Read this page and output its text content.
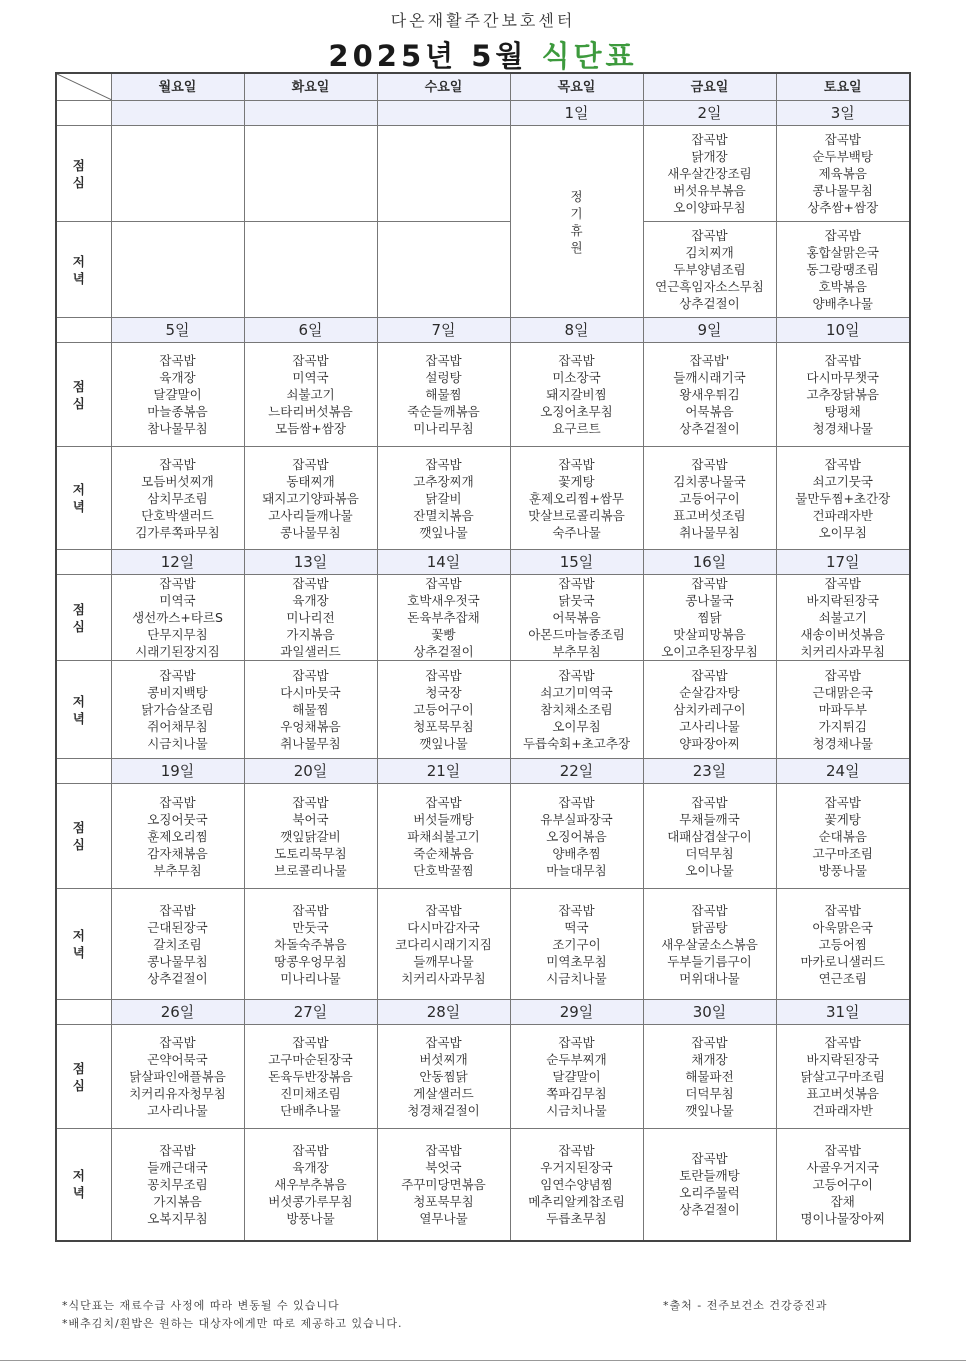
다온재활주간보호센터
2025년 5월 식단표
	월요일	화요일	수요일	목요일	금요일	토요일
				1일	2일	3일
점 심				정
기
휴
원	잡곡밥
닭개장
새우살간장조림
버섯유부볶음
오이양파무침	잡곡밥
순두부백탕
제육볶음
콩나물무침
상추쌈+쌈장

저 녁					잡곡밥
김치찌개
두부양념조림
연근흑임자소스무침
상추겉절이	잡곡밥
홍합살맑은국
동그랑땡조림
호박볶음
양배추나물

	5일	6일	7일	8일	9일	10일
점 심	잡곡밥
육개장
달걀말이
마늘종볶음
참나물무침	잡곡밥
미역국
쇠불고기
느타리버섯볶음
모듬쌈+쌈장	잡곡밥
설렁탕
해물찜
죽순들깨볶음
미나리무침	잡곡밥
미소장국
돼지갈비찜
오징어초무침
요구르트	잡곡밥'
들깨시래기국
왕새우튀김
어묵볶음
상추겉절이	잡곡밥
다시마무챗국
고추장닭볶음
탕평채
청경채나물

저 녁	잡곡밥
모듬버섯찌개
삼치무조림
단호박샐러드
김가루쪽파무침	잡곡밥
동태찌개
돼지고기양파볶음
고사리들깨나물
콩나물무침	잡곡밥
고추장찌개
닭갈비
잔멸치볶음
깻잎나물	잡곡밥
꽃게탕
훈제오리찜+쌈무
맛살브로콜리볶음
숙주나물	잡곡밥
김치콩나물국
고등어구이
표고버섯조림
취나물무침	잡곡밥
쇠고기뭇국
물만두찜+초간장
건파래자반
오이무침

	12일	13일	14일	15일	16일	17일
점 심	잡곡밥
미역국
생선까스+타르S
단무지무침
시래기된장지짐	잡곡밥
육개장
미나리전
가지볶음
과일샐러드	잡곡밥
호박새우젓국
돈육부추잡채
꽃빵
상추겉절이	잡곡밥
닭뭇국
어묵볶음
아몬드마늘종조림
부추무침	잡곡밥
콩나물국
찜닭
맛살피망볶음
오이고추된장무침	잡곡밥
바지락된장국
쇠불고기
새송이버섯볶음
치커리사과무침

저 녁	잡곡밥
콩비지백탕
닭가슴살조림
쥐어채무침
시금치나물	잡곡밥
다시마뭇국
해물찜
우엉채볶음
취나물무침	잡곡밥
청국장
고등어구이
청포묵무침
깻잎나물	잡곡밥
쇠고기미역국
참치채소조림
오이무침
두릅숙회+초고추장	잡곡밥
순살감자탕
삼치카레구이
고사리나물
양파장아찌	잡곡밥
근대맑은국
마파두부
가지튀김
청경채나물

	19일	20일	21일	22일	23일	24일
점 심	잡곡밥
오징어뭇국
훈제오리찜
감자채볶음
부추무침	잡곡밥
북어국
깻잎닭갈비
도토리묵무침
브로콜리나물	잡곡밥
버섯들깨탕
파채쇠불고기
죽순채볶음
단호박꿀찜	잡곡밥
유부실파장국
오징어볶음
양배추찜
마늘대무침	잡곡밥
무채들깨국
대패삼겹살구이
더덕무침
오이나물	잡곡밥
꽃게탕
순대볶음
고구마조림
방풍나물

저 녁	잡곡밥
근대된장국
갈치조림
콩나물무침
상추겉절이	잡곡밥
만둣국
차돌숙주볶음
땅콩우엉무침
미나리나물	잡곡밥
다시마감자국
코다리시래기지짐
들깨무나물
치커리사과무침	잡곡밥
떡국
조기구이
미역초무침
시금치나물	잡곡밥
닭곰탕
새우살굴소스볶음
두부들기름구이
머위대나물	잡곡밥
아욱맑은국
고등어찜
마카로니샐러드
연근조림

	26일	27일	28일	29일	30일	31일
점 심	잡곡밥
곤약어묵국
닭살파인애플볶음
치커리유자청무침
고사리나물	잡곡밥
고구마순된장국
돈육두반장볶음
진미채조림
단배추나물	잡곡밥
버섯찌개
안동찜닭
게살샐러드
청경채겉절이	잡곡밥
순두부찌개
달걀말이
쪽파김무침
시금치나물	잡곡밥
채개장
해물파전
더덕무침
깻잎나물	잡곡밥
바지락된장국
닭살고구마조림
표고버섯볶음
건파래자반

저 녁	잡곡밥
들깨근대국
꽁치무조림
가지볶음
오복지무침	잡곡밥
육개장
새우부추볶음
버섯콩가루무침
방풍나물	잡곡밥
북엇국
주꾸미당면볶음
청포묵무침
열무나물	잡곡밥
우거지된장국
임연수양념찜
메추리알케찹조림
두릅초무침	잡곡밥
토란들깨탕
오리주물럭
상추겉절이	잡곡밥
사골우거지국
고등어구이
잡채
명이나물장아찌
*식단표는 재료수급 사정에 따라 변동될 수 있습니다
*배추김치/흰밥은 원하는 대상자에게만 따로 제공하고 있습니다.
*출처 - 전주보건소 건강증진과
